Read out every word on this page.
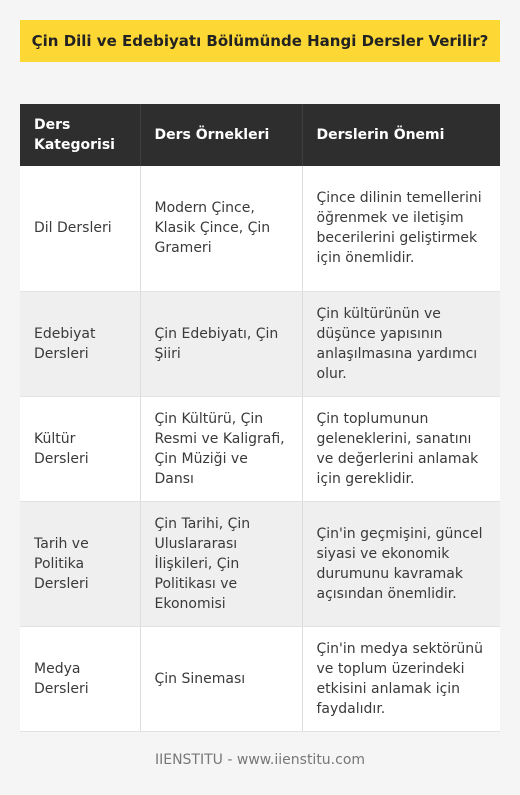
Çin Dili ve Edebiyatı Bölümünde Hangi Dersler Verilir?
Ders Kategorisi	Ders Örnekleri	Derslerin Önemi
Dil Dersleri	Modern Çince, Klasik Çince, Çin Grameri	Çince dilinin temellerini öğrenmek ve iletişim becerilerini geliştirmek için önemlidir.
Edebiyat Dersleri	Çin Edebiyatı, Çin Şiiri	Çin kültürünün ve düşünce yapısının anlaşılmasına yardımcı olur.
Kültür Dersleri	Çin Kültürü, Çin Resmi ve Kaligrafi, Çin Müziği ve Dansı	Çin toplumunun geleneklerini, sanatını ve değerlerini anlamak için gereklidir.
Tarih ve Politika Dersleri	Çin Tarihi, Çin Uluslararası İlişkileri, Çin Politikası ve Ekonomisi	Çin'in geçmişini, güncel siyasi ve ekonomik durumunu kavramak açısından önemlidir.
Medya Dersleri	Çin Sineması	Çin'in medya sektörünü ve toplum üzerindeki etkisini anlamak için faydalıdır.
IIENSTITU - www.iienstitu.com
